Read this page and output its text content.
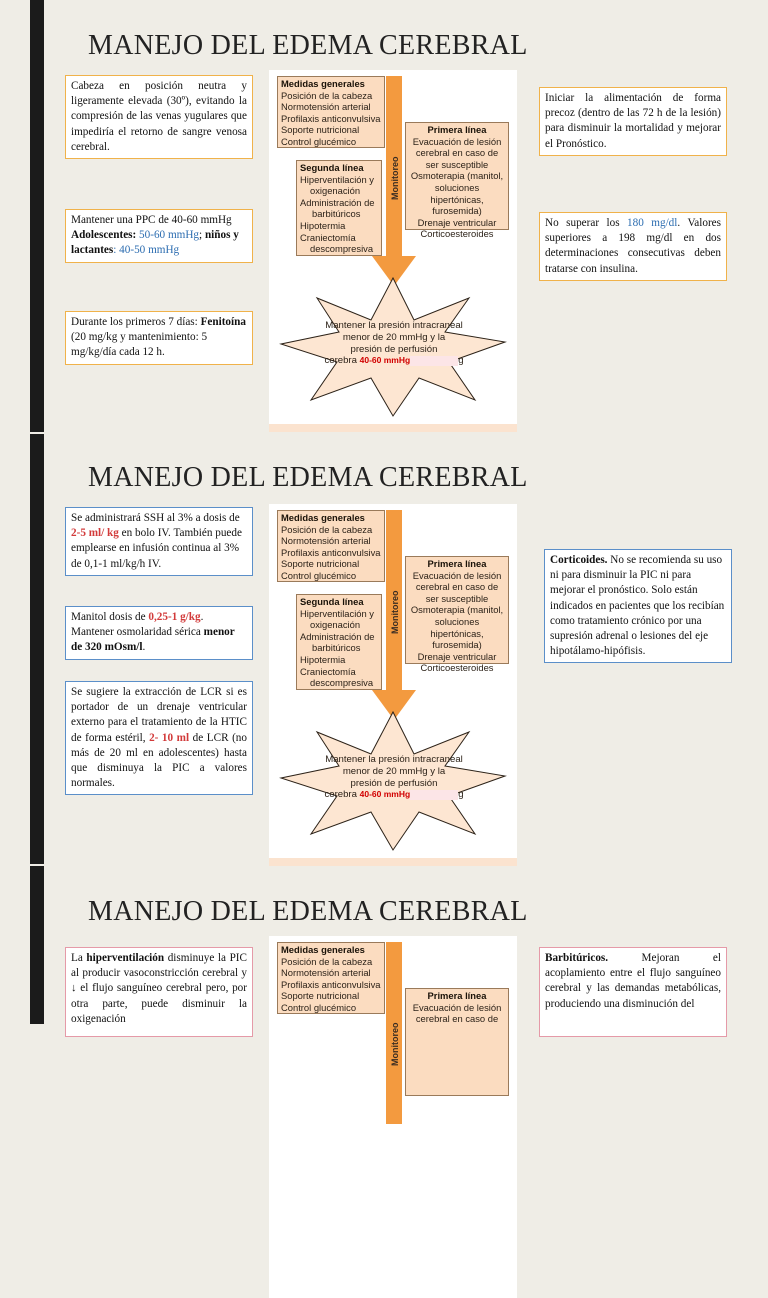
MANEJO DEL EDEMA CEREBRAL
Cabeza en posición neutra y ligeramente elevada (30º), evitando la compresión de las venas yugulares que impediría el retorno de sangre venosa cerebral.
Mantener una PPC de 40-60 mmHg Adolescentes: 50-60 mmHg; niños y lactantes: 40-50 mmHg
Durante los primeros 7 días: Fenitoína (20 mg/kg y mantenimiento: 5 mg/kg/día cada 12 h.
Medidas generales
Posición de la cabeza
Normotensión arterial
Profilaxis anticonvulsiva
Soporte nutricional
Control glucémico
Segunda línea
Hiperventilación y
oxigenación
Administración de
barbitúricos
Hipotermia
Craniectomía
descompresiva
Monitoreo
Primera línea
Evacuación de lesión
cerebral en caso de
ser susceptible
Osmoterapia (manitol,
soluciones hipertónicas,
furosemida)
Drenaje ventricular
Corticoesteroides
Mantener la presión intracraneal
menor de 20 mmHg y la
presión de perfusión
cerebra 40-60 mmHg	g
Iniciar la alimentación de forma precoz (dentro de las 72 h de la lesión) para disminuir la mortalidad y mejorar el Pronóstico.
No superar los 180 mg/dl. Valores superiores a 198 mg/dl en dos determinaciones consecutivas deben tratarse con insulina.
MANEJO DEL EDEMA CEREBRAL
Se administrará SSH al 3% a dosis de 2-5 ml/ kg en bolo IV. También puede emplearse en infusión continua al 3% de 0,1-1 ml/kg/h IV.
Manitol dosis de 0,25-1 g/kg. Mantener osmolaridad sérica menor de 320 mOsm/l.
Se sugiere la extracción de LCR si es portador de un drenaje ventricular externo para el tratamiento de la HTIC de forma estéril, 2- 10 ml de LCR (no más de 20 ml en adolescentes) hasta que disminuya la PIC a valores normales.
Medidas generales
Posición de la cabeza
Normotensión arterial
Profilaxis anticonvulsiva
Soporte nutricional
Control glucémico
Segunda línea
Hiperventilación y
oxigenación
Administración de
barbitúricos
Hipotermia
Craniectomía
descompresiva
Monitoreo
Primera línea
Evacuación de lesión
cerebral en caso de
ser susceptible
Osmoterapia (manitol,
soluciones hipertónicas,
furosemida)
Drenaje ventricular
Corticoesteroides
Mantener la presión intracraneal
menor de 20 mmHg y la
presión de perfusión
cerebra 40-60 mmHg	g
Corticoides. No se recomienda su uso ni para disminuir la PIC ni para mejorar el pronóstico. Solo están indicados en pacientes que los recibían como tratamiento crónico por una supresión adrenal o lesiones del eje hipotálamo-hipófisis.
MANEJO DEL EDEMA CEREBRAL
La hiperventilación disminuye la PIC al producir vasoconstricción cerebral y ↓ el flujo sanguíneo cerebral pero, por otra parte, puede disminuir la oxigenación
Medidas generales
Posición de la cabeza
Normotensión arterial
Profilaxis anticonvulsiva
Soporte nutricional
Control glucémico
Monitoreo
Primera línea
Evacuación de lesión
cerebral en caso de
Barbitúricos. Mejoran el acoplamiento entre el flujo sanguíneo cerebral y las demandas metabólicas, produciendo una disminución del
